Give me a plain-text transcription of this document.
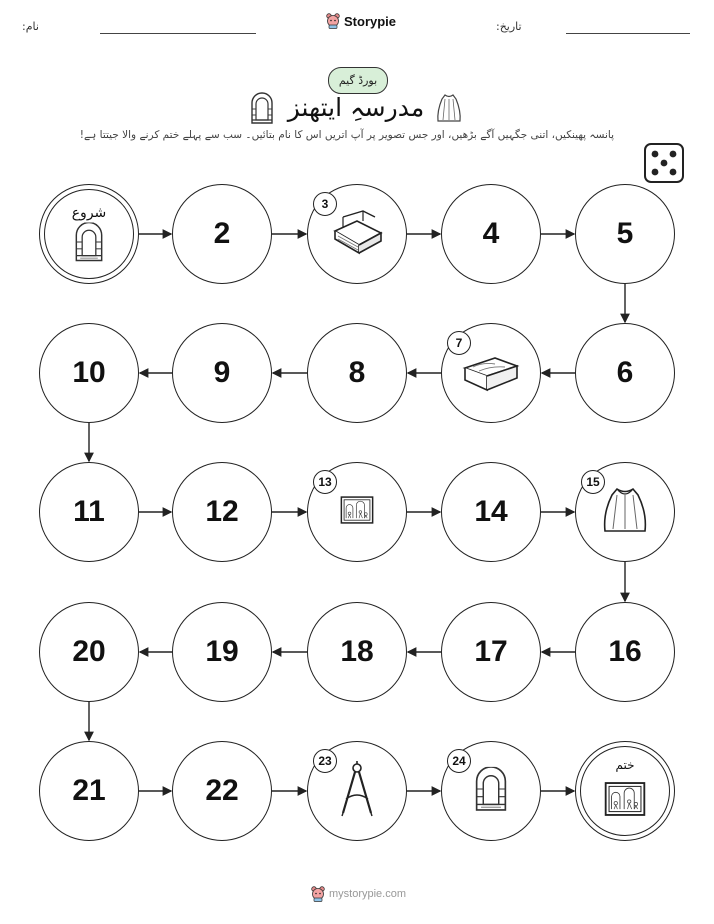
نام:	Storypie	تاریخ:
بورڈ گیم
مدرسہِ ایتھنز
پانسہ پھینکیں، اتنی جگہیں آگے بڑھیں، اور جس تصویر پر آپ اتریں اس کا نام بتائیں۔ سب سے پہلے ختم کرنے والا جیتتا ہے!
شروع
2
3
4	5
6
7
8
9
10
11	12
13
14
15
16
17
18
19
20
21	22
23	24	ختم
mystorypie.com
